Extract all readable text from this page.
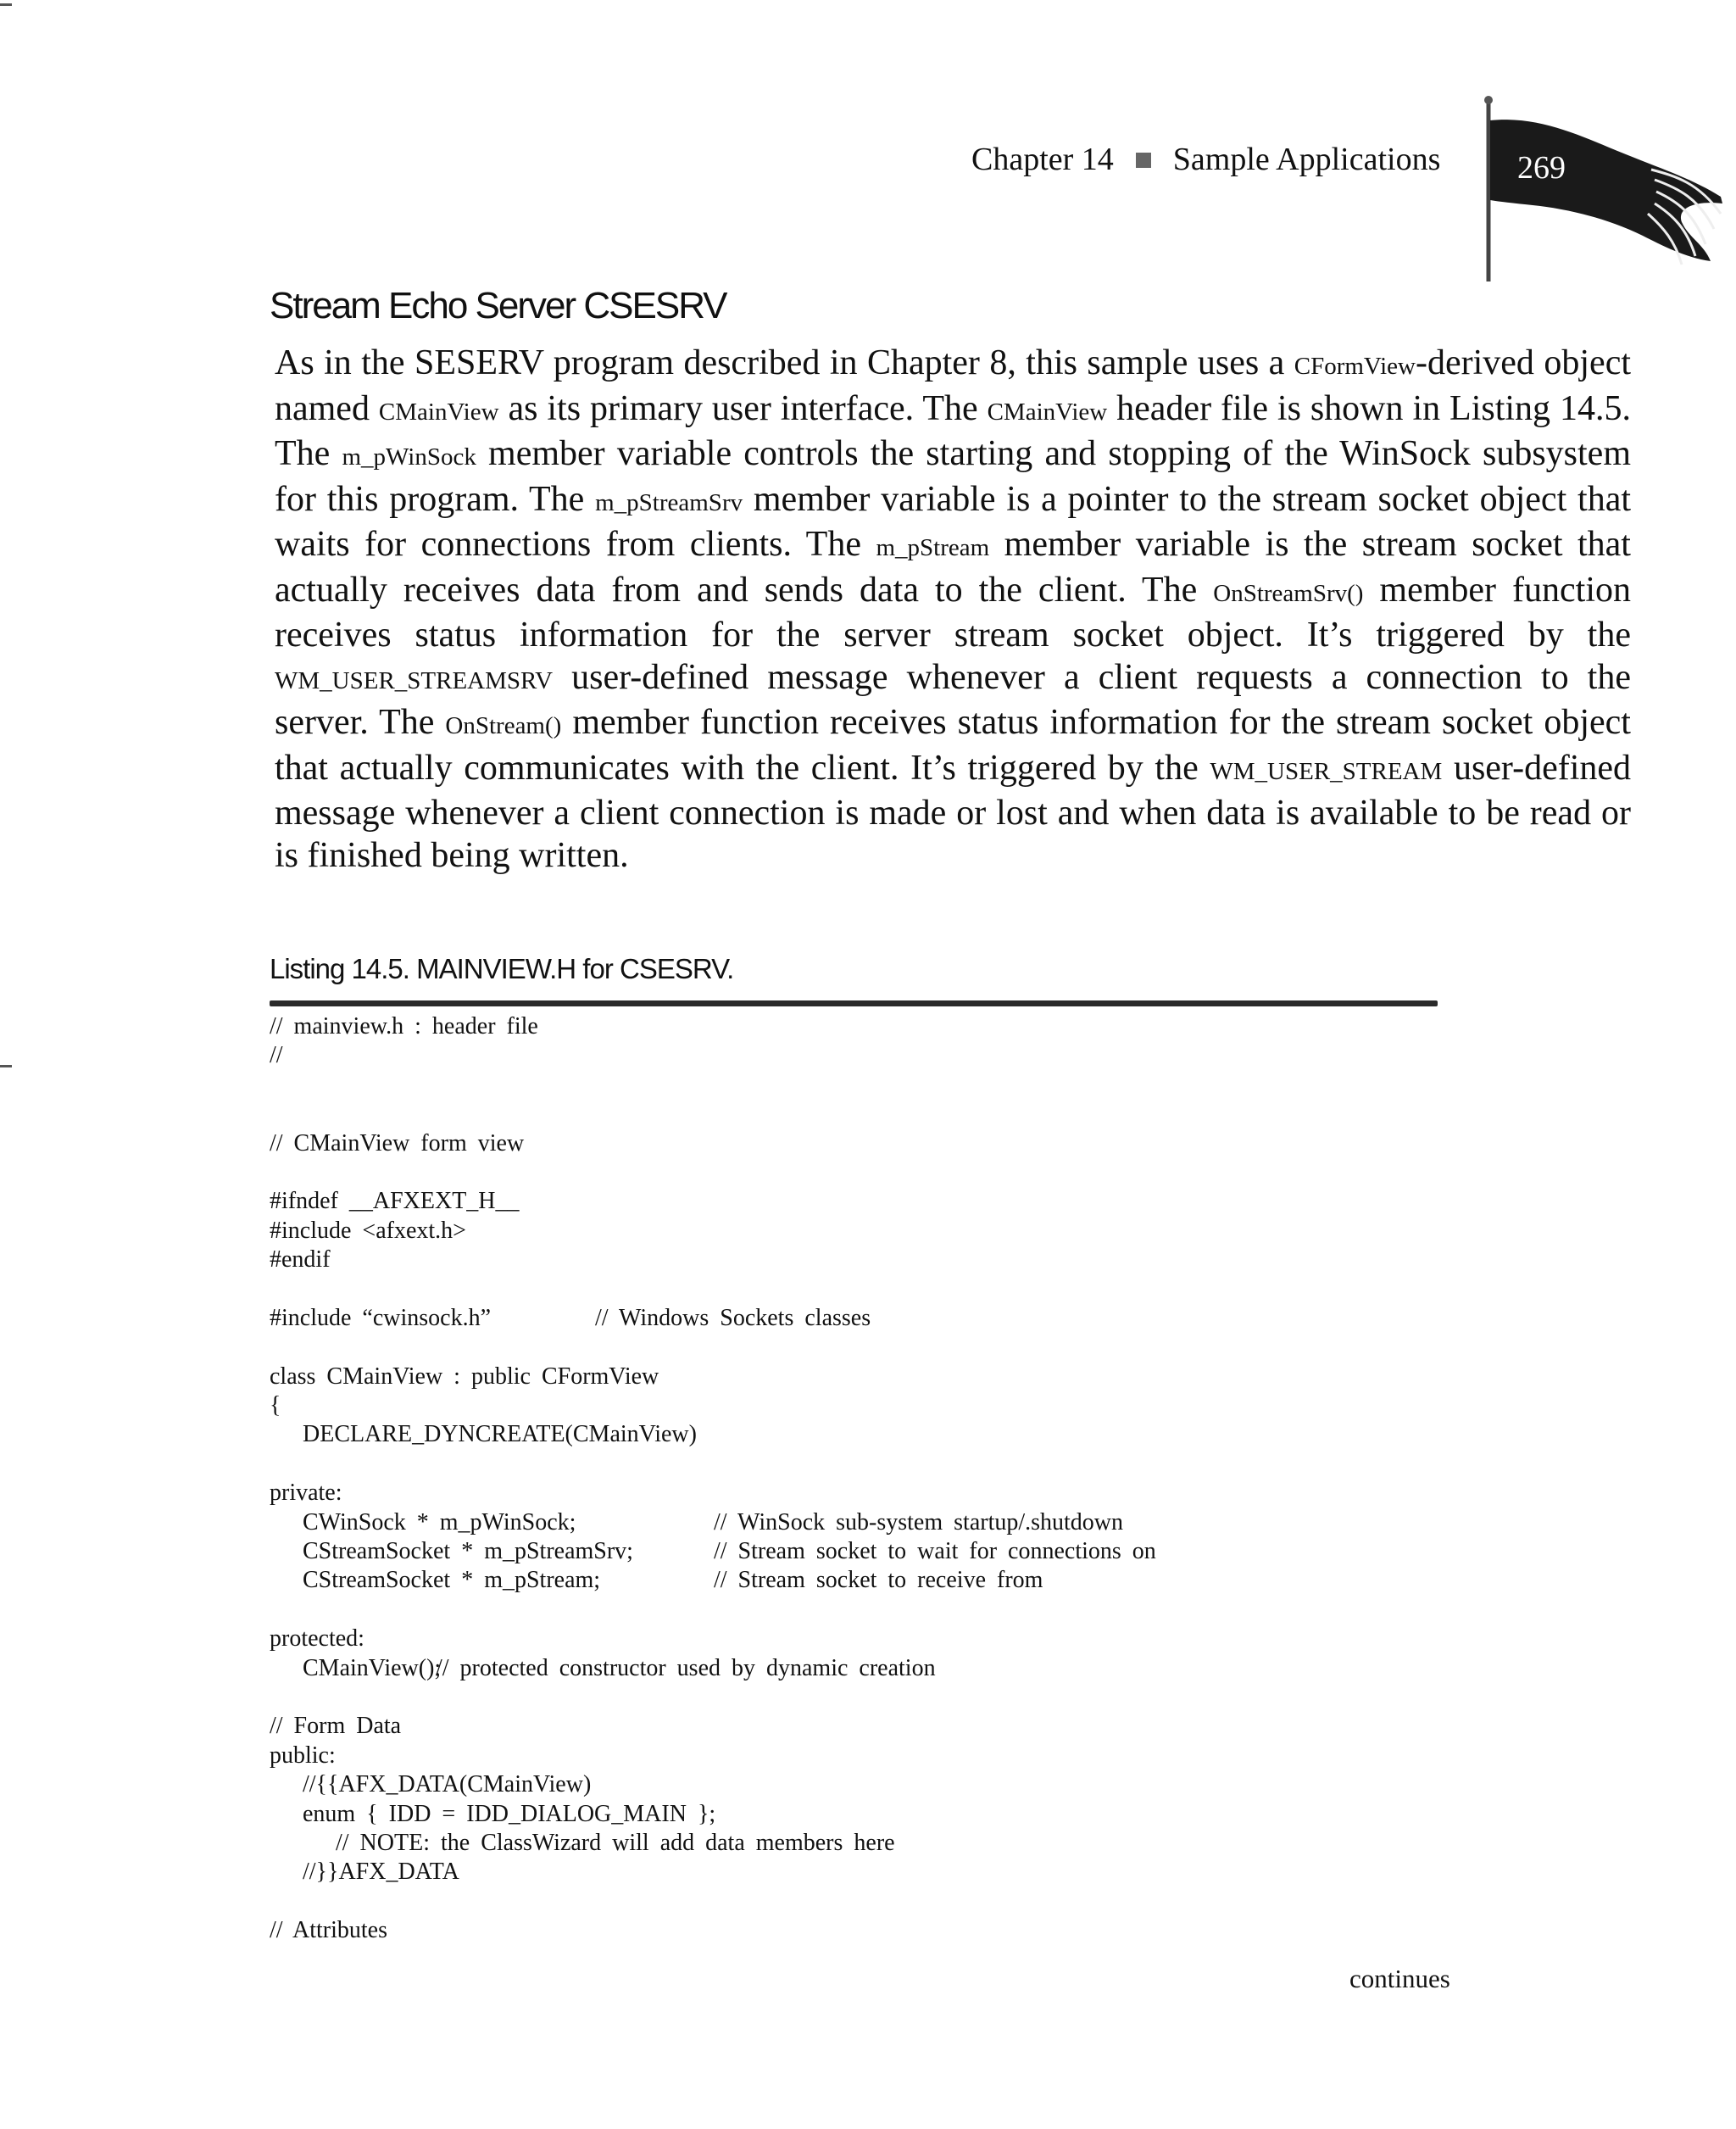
Chapter 14 Sample Applications 269
Stream Echo Server CSESRV

As in the SESERV program described in Chapter 8, this sample uses a CFormView-derived object named CMainView as its primary user interface. The CMainView header file is shown in Listing 14.5. The m_pWinSock member variable controls the starting and stopping of the WinSock subsystem for this program. The m_pStreamSrv member variable is a pointer to the stream socket object that waits for connections from clients. The m_pStream member variable is the stream socket that actually receives data from and sends data to the client. The OnStreamSrv() member function receives status information for the server stream socket object. It’s triggered by the WM_USER_STREAMSRV user-defined message whenever a client requests a connection to the server. The OnStream() member function receives status information for the stream socket object that actually communicates with the client. It’s triggered by the WM_USER_STREAM user-defined message whenever a client connection is made or lost and when data is available to be read or is finished being written.

Listing 14.5. MAINVIEW.H for CSESRV.
// mainview.h : header file
//
// CMainView form view
#ifndef __AFXEXT_H__
#include <afxext.h>
#endif
#include “cwinsock.h”	// Windows Sockets classes
class CMainView : public CFormView
{
DECLARE_DYNCREATE(CMainView)
private:
CWinSock * m_pWinSock;	// WinSock sub-system startup/.shutdown
CStreamSocket * m_pStreamSrv;	// Stream socket to wait for connections on
CStreamSocket * m_pStream;	// Stream socket to receive from
protected:
CMainView();
// protected constructor used by dynamic creation
// Form Data
public:
//{{AFX_DATA(CMainView)
enum { IDD = IDD_DIALOG_MAIN };
// NOTE: the ClassWizard will add data members here
//}}AFX_DATA
// Attributes
continues
